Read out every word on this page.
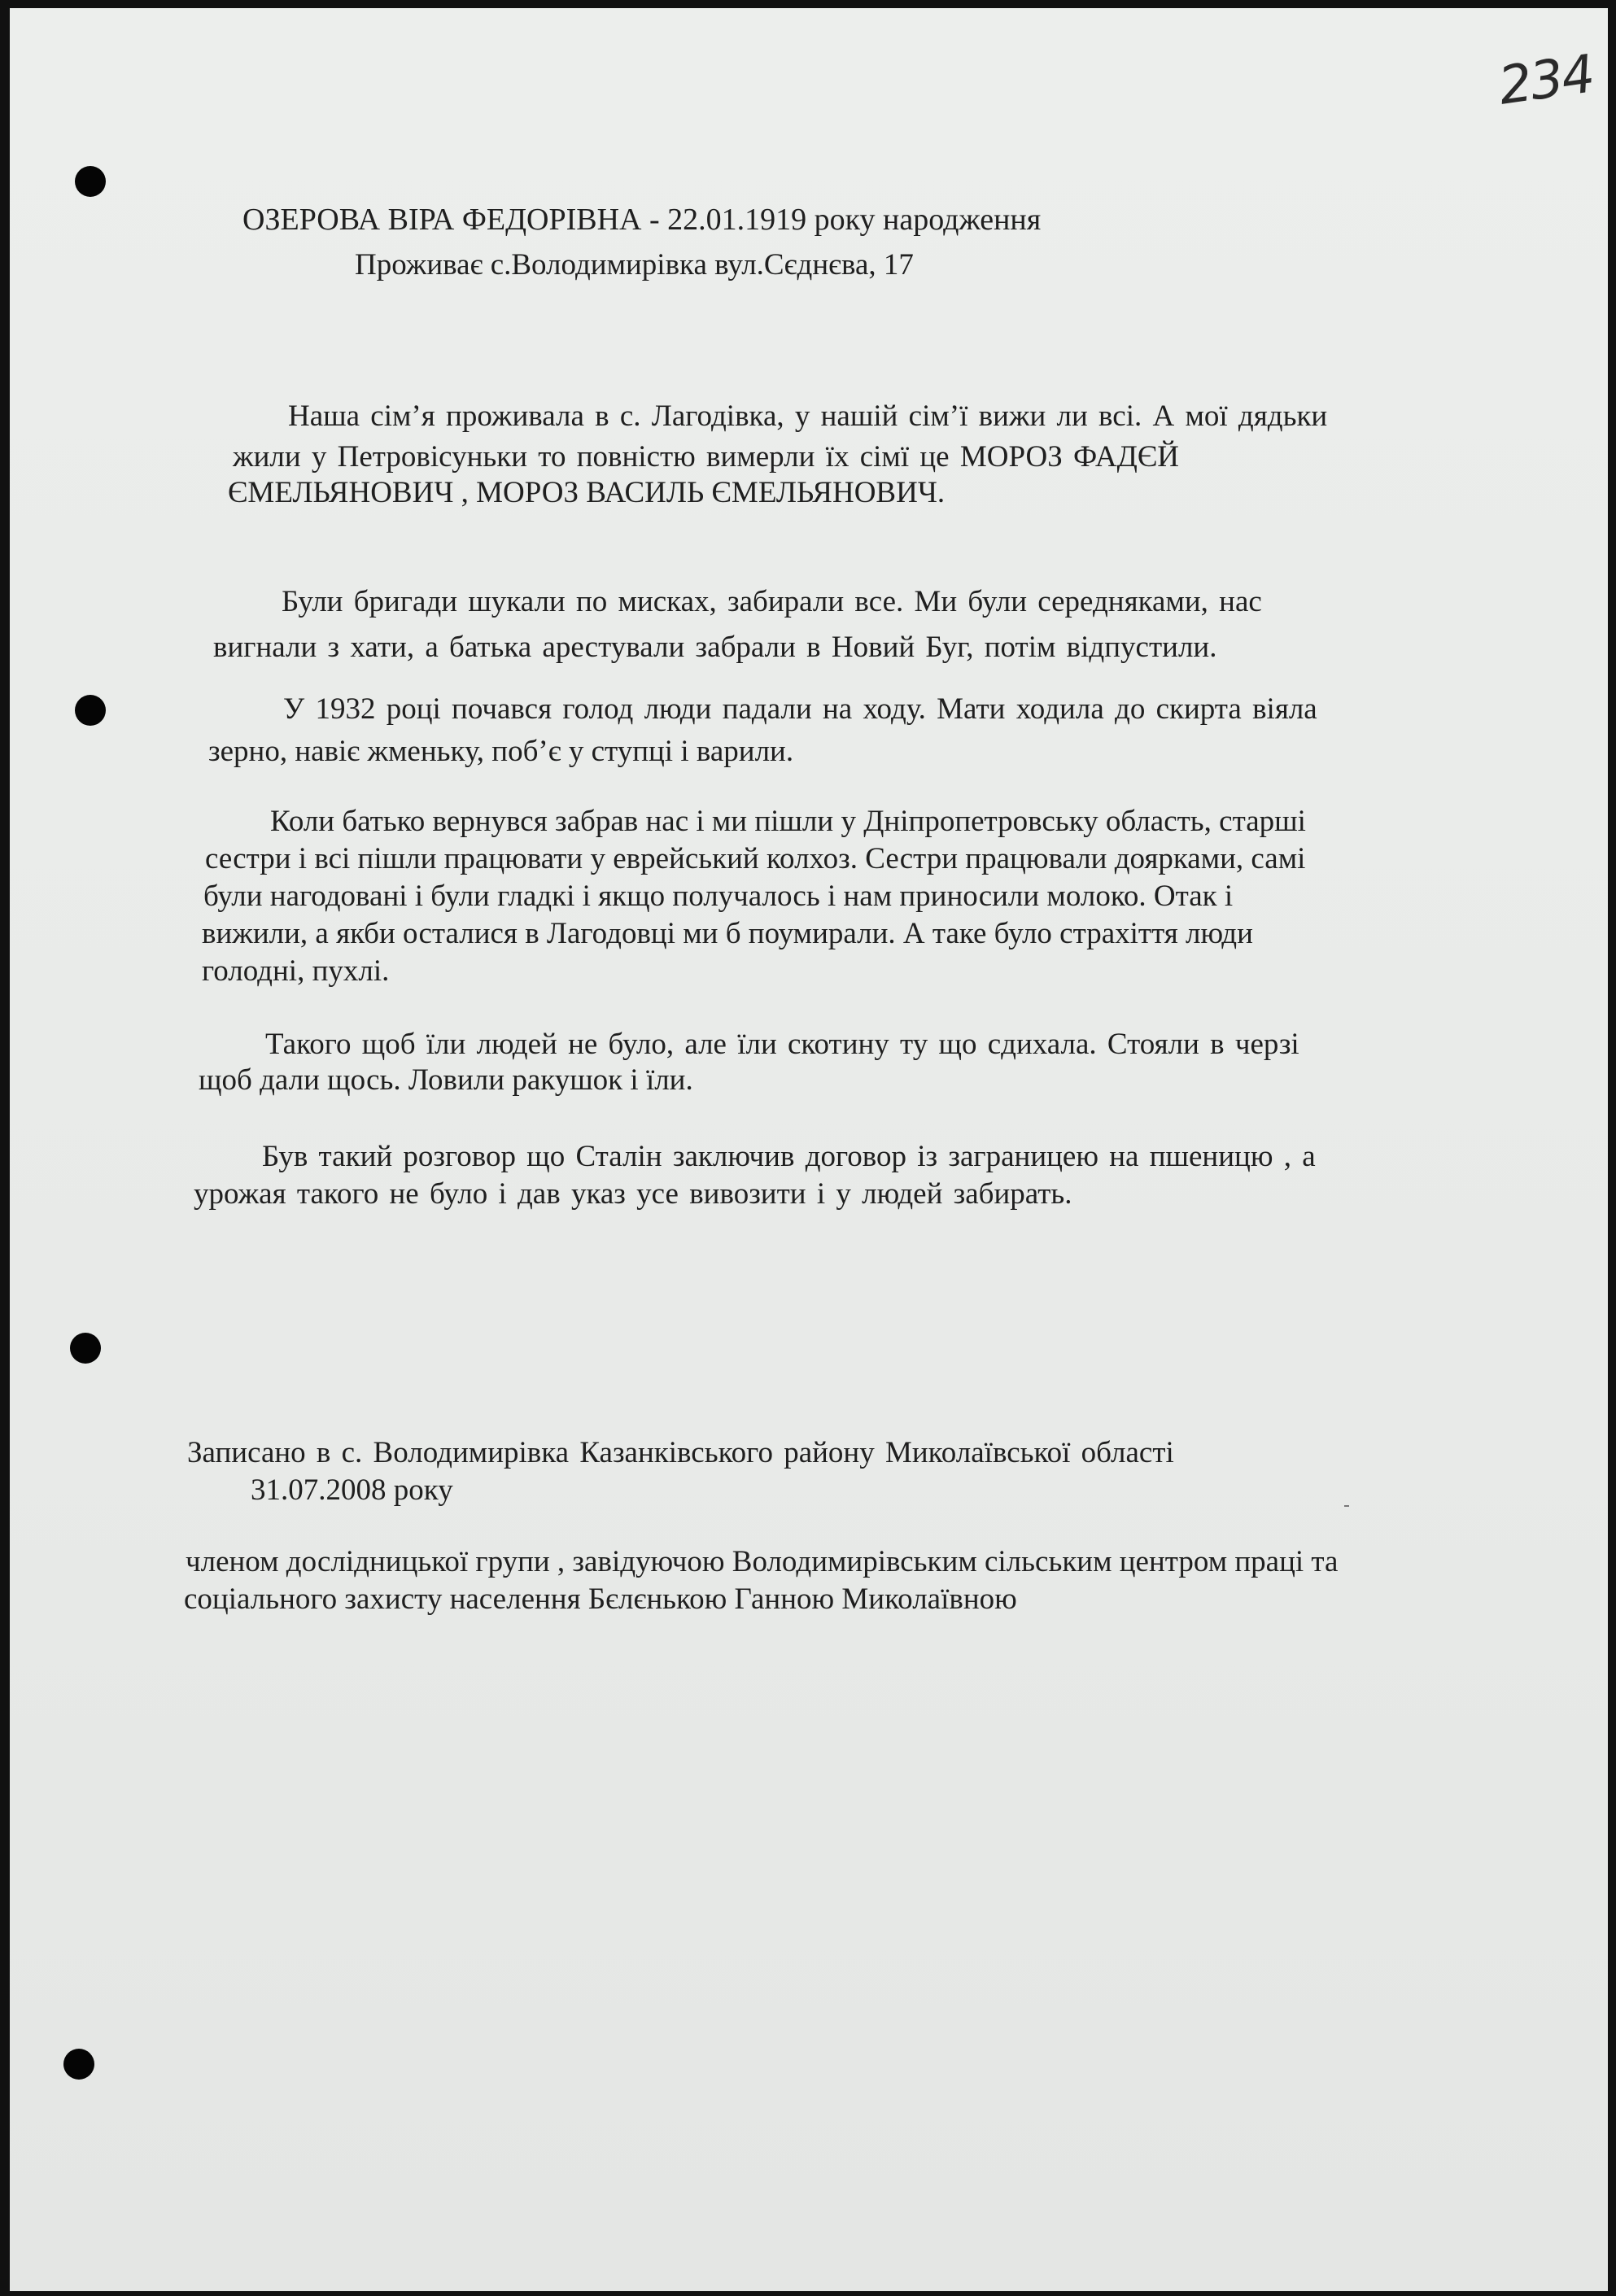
234
ОЗЕРОВА ВІРА ФЕДОРІВНА - 22.01.1919 року народження
Проживає с.Володимирівка вул.Сєднєва, 17
Наша сім’я проживала в с. Лагодівка, у нашій сім’ї вижи ли всі. А мої дядьки
жили у Петровісуньки то повністю вимерли їх сімї це МОРОЗ ФАДЄЙ
ЄМЕЛЬЯНОВИЧ , МОРОЗ ВАСИЛЬ ЄМЕЛЬЯНОВИЧ.
Були бригади шукали по мисках, забирали все. Ми були середняками, нас
вигнали з хати, а батька арестували забрали в Новий Буг, потім відпустили.
У 1932 році почався голод люди падали на ходу. Мати ходила до скирта віяла
зерно, навіє жменьку, поб’є у ступці і варили.
Коли батько вернувся забрав нас і ми пішли у Дніпропетровську область, старші
сестри і всі пішли працювати у еврейський колхоз. Сестри працювали доярками, самі
були нагодовані і були гладкі і якщо получалось і нам приносили молоко. Отак і
вижили, а якби осталися в Лагодовці ми б поумирали. А таке було страхіття люди
голодні, пухлі.
Такого щоб їли людей не було, але їли скотину ту що сдихала. Стояли в черзі
щоб дали щось. Ловили ракушок і їли.
Був такий розговор що Сталін заключив договор із заграницею на пшеницю , а
урожая такого не було і дав указ усе вивозити і у людей забирать.
Записано в с. Володимирівка Казанківського району Миколаївської області
31.07.2008 року
членом дослідницької групи , завідуючою Володимирівським сільським центром праці та
соціального захисту населення Бєлєнькою Ганною Миколаївною
